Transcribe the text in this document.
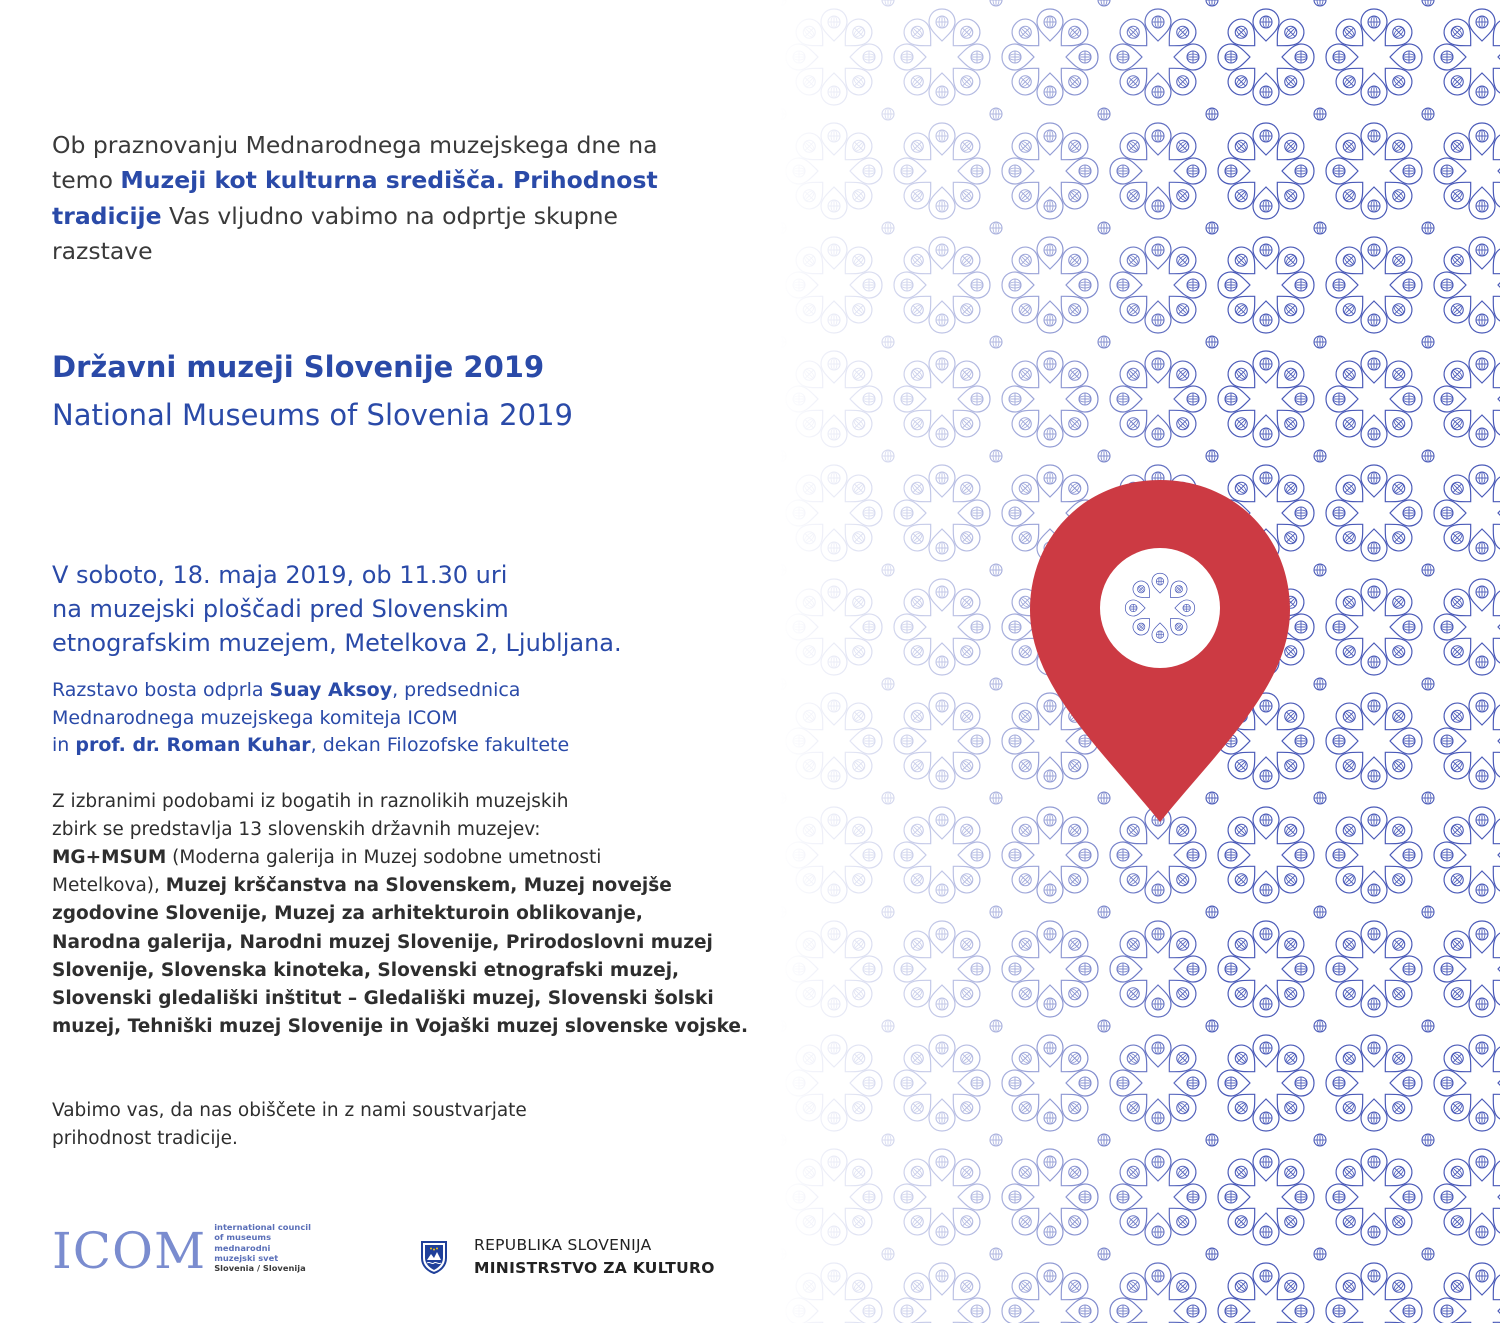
Ob praznovanju Mednarodnega muzejskega dne na temo Muzeji kot kulturna središča. Prihodnost tradicije Vas vljudno vabimo na odprtje skupne razstave
Državni muzeji Slovenije 2019
National Museums of Slovenia 2019
V soboto, 18. maja 2019, ob 11.30 uri
na muzejski ploščadi pred Slovenskim
etnografskim muzejem, Metelkova 2, Ljubljana.
Razstavo bosta odprla Suay Aksoy, predsednica
Mednarodnega muzejskega komiteja ICOM
in prof. dr. Roman Kuhar, dekan Filozofske fakultete
Z izbranimi podobami iz bogatih in raznolikih muzejskih
zbirk se predstavlja 13 slovenskih državnih muzejev:
MG+MSUM (Moderna galerija in Muzej sodobne umetnosti
Metelkova), Muzej krščanstva na Slovenskem, Muzej novejše
zgodovine Slovenije, Muzej za arhitekturoin oblikovanje,
Narodna galerija, Narodni muzej Slovenije, Prirodoslovni muzej
Slovenije, Slovenska kinoteka, Slovenski etnografski muzej,
Slovenski gledališki inštitut – Gledališki muzej, Slovenski šolski
muzej, Tehniški muzej Slovenije in Vojaški muzej slovenske vojske.
Vabimo vas, da nas obiščete in z nami soustvarjate
prihodnost tradicije.
ICOM international council
of museums
mednarodni
muzejski svet
Slovenia / Slovenija
REPUBLIKA SLOVENIJA
MINISTRSTVO ZA KULTURO
